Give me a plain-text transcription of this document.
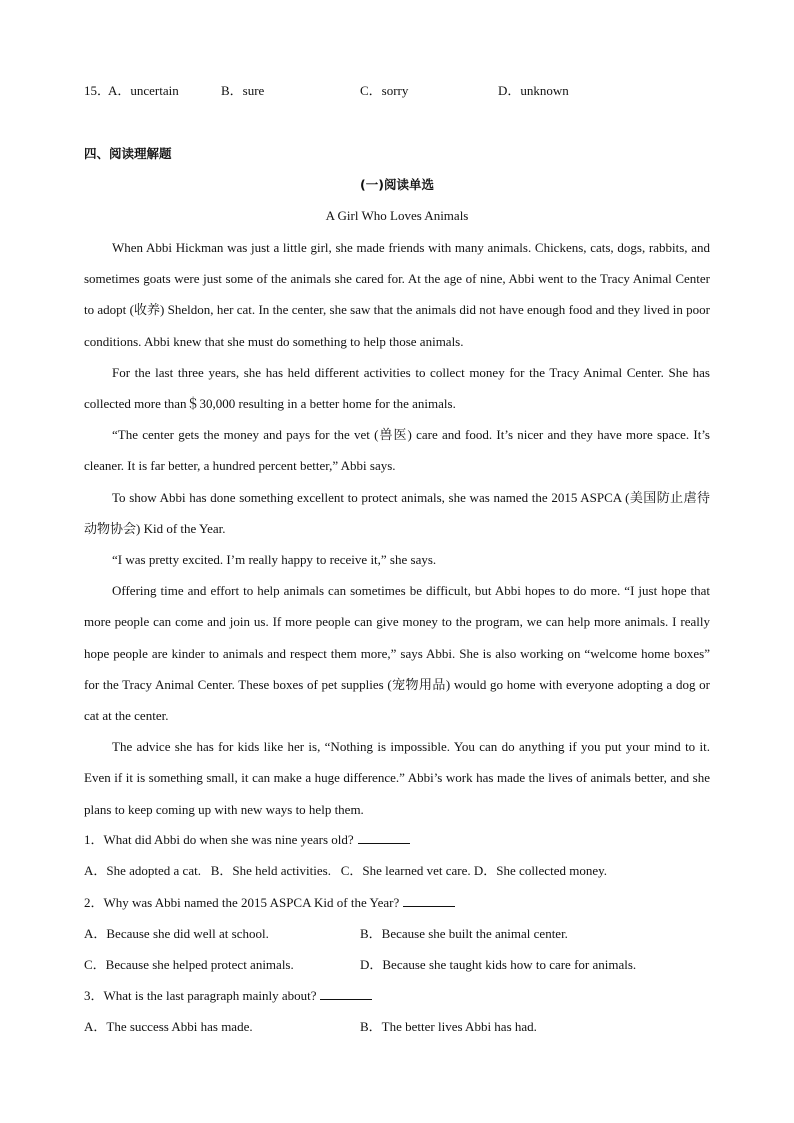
15．
A．uncertain	B．sure	C．sorry	D．unknown
四、阅读理解题
(一)阅读单选
A Girl Who Loves Animals

When Abbi Hickman was just a little girl, she made friends with many animals. Chickens, cats, dogs, rabbits, and sometimes goats were just some of the animals she cared for. At the age of nine, Abbi went to the Tracy Animal Center to adopt (收养) Sheldon, her cat. In the center, she saw that the animals did not have enough food and they lived in poor conditions. Abbi knew that she must do something to help those animals.

For the last three years, she has held different activities to collect money for the Tracy Animal Center. She has collected more than＄30,000 resulting in a better home for the animals.

“The center gets the money and pays for the vet (兽医) care and food. It’s nicer and they have more space. It’s cleaner. It is far better, a hundred percent better,” Abbi says.

To show Abbi has done something excellent to protect animals, she was named the 2015 ASPCA (美国防止虐待动物协会) Kid of the Year.

“I was pretty excited. I’m really happy to receive it,” she says.

Offering time and effort to help animals can sometimes be difficult, but Abbi hopes to do more. “I just hope that more people can come and join us. If more people can give money to the program, we can help more animals. I really hope people are kinder to animals and respect them more,” says Abbi. She is also working on “welcome home boxes” for the Tracy Animal Center. These boxes of pet supplies (宠物用品) would go home with everyone adopting a dog or cat at the center.

The advice she has for kids like her is, “Nothing is impossible. You can do anything if you put your mind to it. Even if it is something small, it can make a huge difference.” Abbi’s work has made the lives of animals better, and she plans to keep coming up with new ways to help them.

1．What did Abbi do when she was nine years old?
A．She adopted a cat. B．She held activities. C．She learned vet care. D．She collected money.
2．Why was Abbi named the 2015 ASPCA Kid of the Year?
A．Because she did well at school.	B．Because she built the animal center.
C．Because she helped protect animals.	D．Because she taught kids how to care for animals.
3．What is the last paragraph mainly about?
A．The success Abbi has made.	B．The better lives Abbi has had.
